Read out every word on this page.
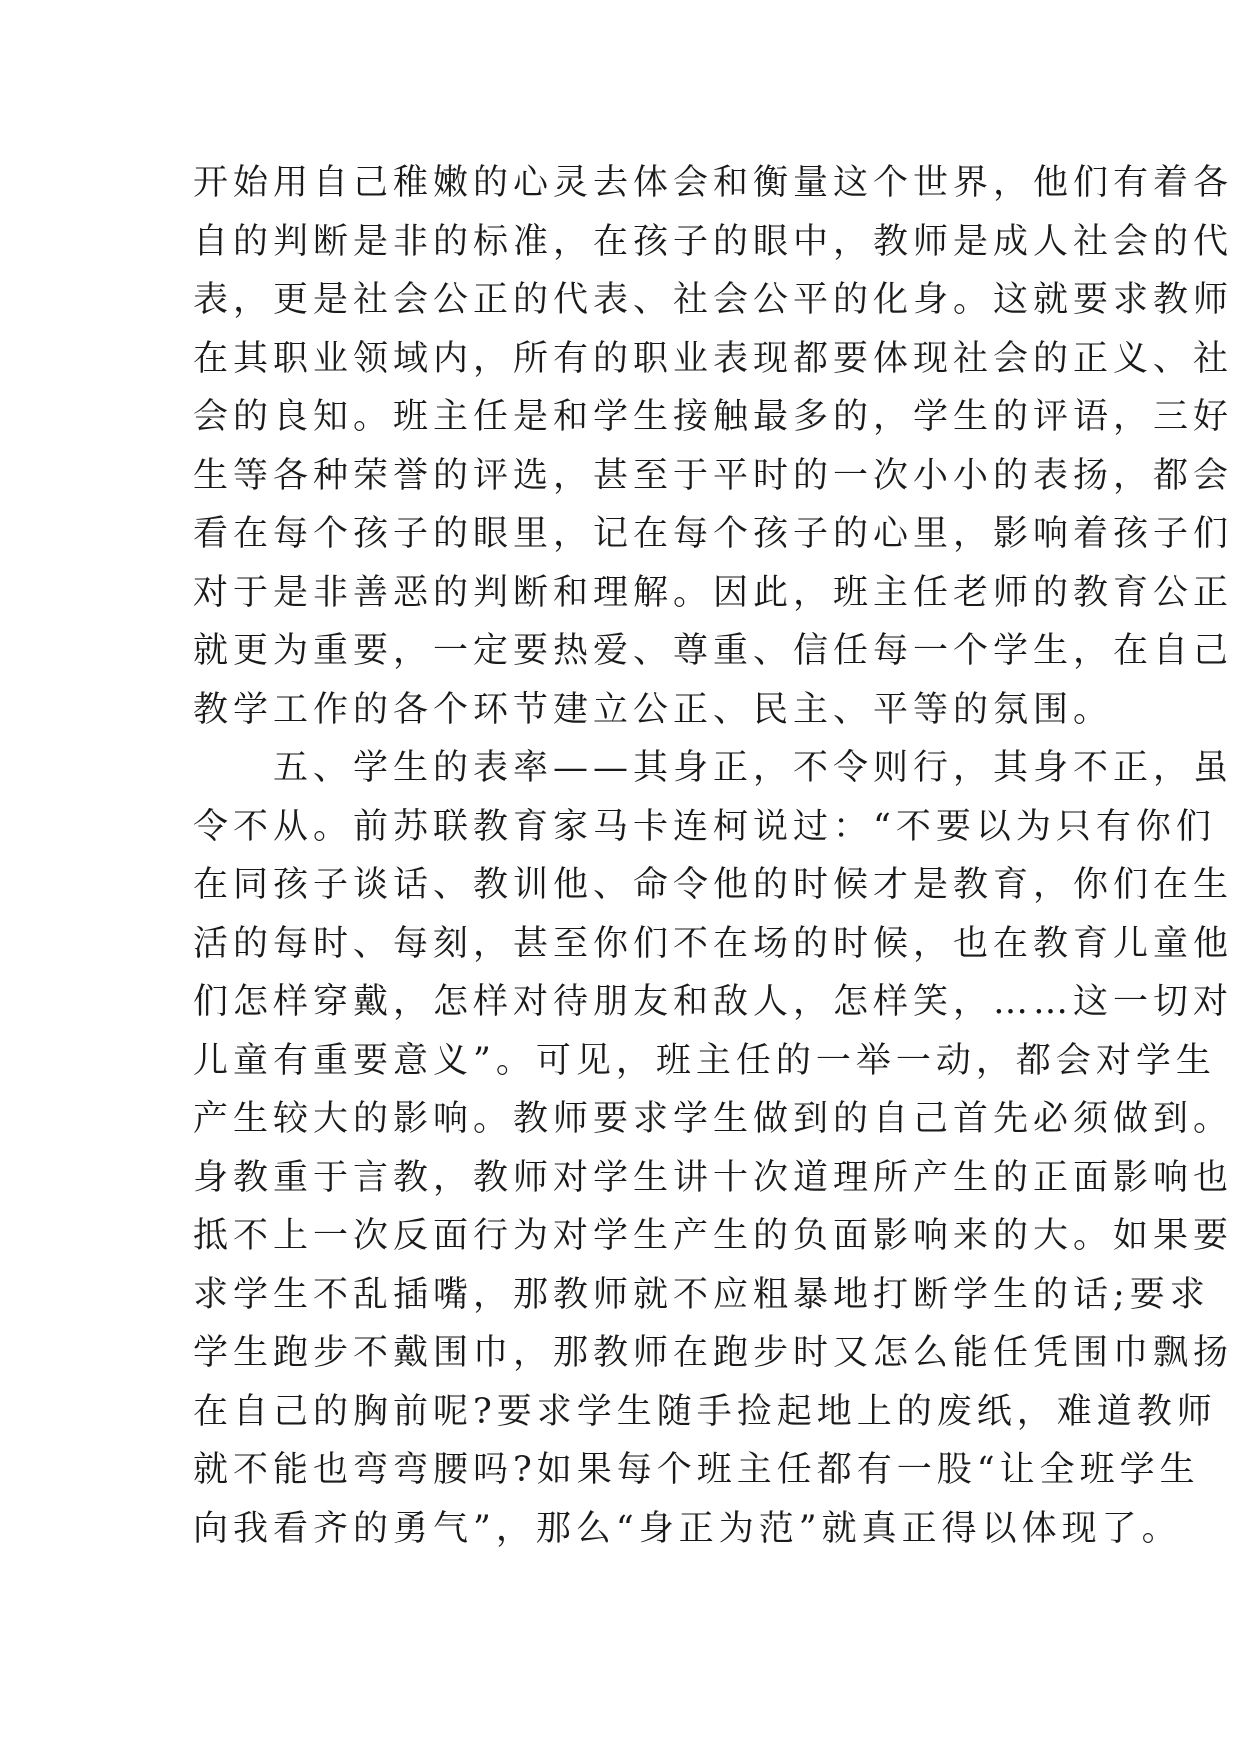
开始用自己稚嫩的心灵去体会和衡量这个世界，他们有着各
自的判断是非的标准，在孩子的眼中，教师是成人社会的代
表，更是社会公正的代表、社会公平的化身。这就要求教师
在其职业领域内，所有的职业表现都要体现社会的正义、社
会的良知。班主任是和学生接触最多的，学生的评语，三好
生等各种荣誉的评选，甚至于平时的一次小小的表扬，都会
看在每个孩子的眼里，记在每个孩子的心里，影响着孩子们
对于是非善恶的判断和理解。因此，班主任老师的教育公正
就更为重要，一定要热爱、尊重、信任每一个学生，在自己
教学工作的各个环节建立公正、民主、平等的氛围。
　　五、学生的表率——其身正，不令则行，其身不正，虽
令不从。前苏联教育家马卡连柯说过：“不要以为只有你们
在同孩子谈话、教训他、命令他的时候才是教育，你们在生
活的每时、每刻，甚至你们不在场的时候，也在教育儿童他
们怎样穿戴，怎样对待朋友和敌人，怎样笑，……这一切对
儿童有重要意义”。可见，班主任的一举一动，都会对学生
产生较大的影响。教师要求学生做到的自己首先必须做到。
身教重于言教，教师对学生讲十次道理所产生的正面影响也
抵不上一次反面行为对学生产生的负面影响来的大。如果要
求学生不乱插嘴，那教师就不应粗暴地打断学生的话;要求
学生跑步不戴围巾，那教师在跑步时又怎么能任凭围巾飘扬
在自己的胸前呢?要求学生随手捡起地上的废纸，难道教师
就不能也弯弯腰吗?如果每个班主任都有一股“让全班学生
向我看齐的勇气”，那么“身正为范”就真正得以体现了。
